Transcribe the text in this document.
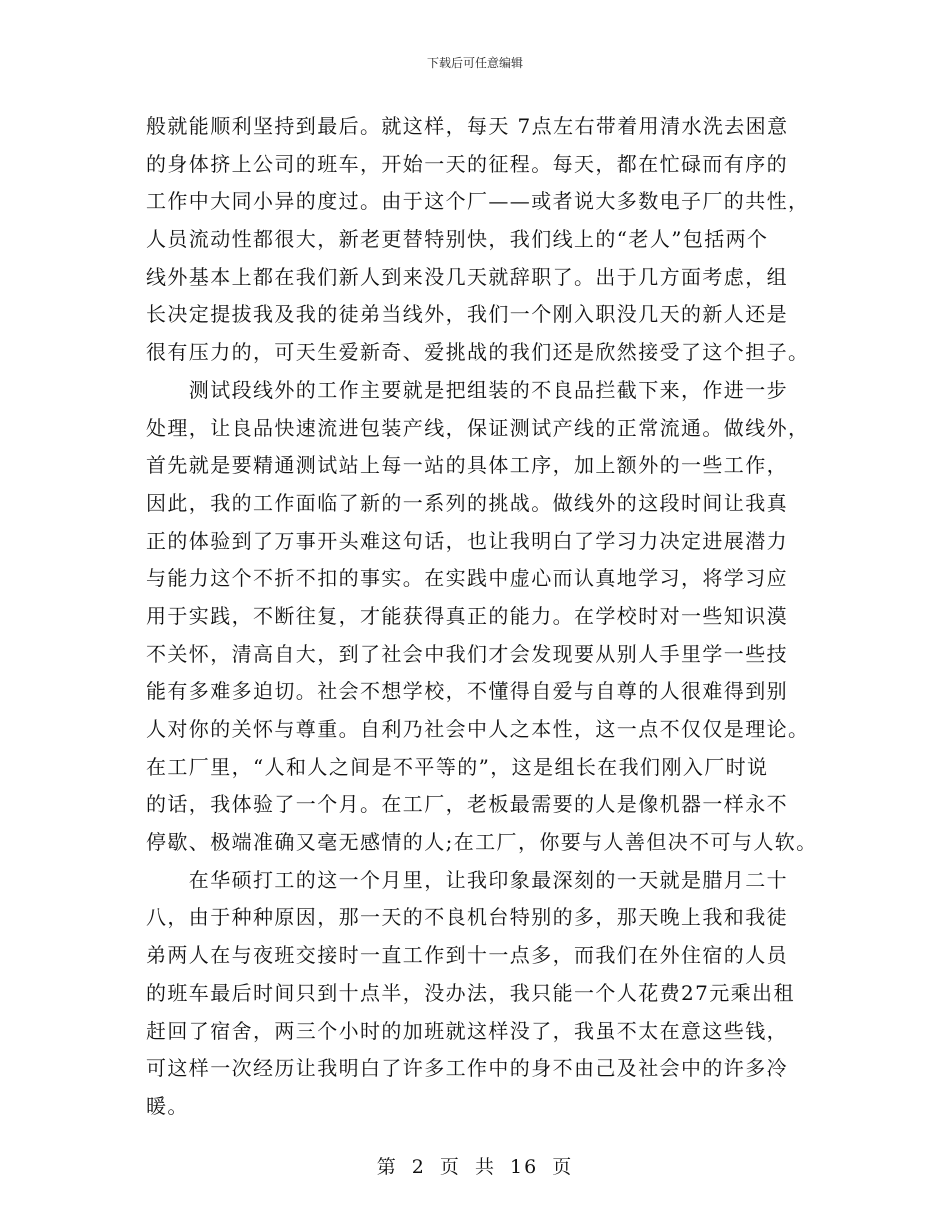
下载后可任意编辑
般就能顺利坚持到最后。就这样，每天 7点左右带着用清水洗去困意
的身体挤上公司的班车，开始一天的征程。每天，都在忙碌而有序的
工作中大同小异的度过。由于这个厂——或者说大多数电子厂的共性，
人员流动性都很大，新老更替特别快，我们线上的“老人”包括两个
线外基本上都在我们新人到来没几天就辞职了。出于几方面考虑，组
长决定提拔我及我的徒弟当线外，我们一个刚入职没几天的新人还是
很有压力的，可天生爱新奇、爱挑战的我们还是欣然接受了这个担子。
　　测试段线外的工作主要就是把组装的不良品拦截下来，作进一步
处理，让良品快速流进包装产线，保证测试产线的正常流通。做线外，
首先就是要精通测试站上每一站的具体工序，加上额外的一些工作，
因此，我的工作面临了新的一系列的挑战。做线外的这段时间让我真
正的体验到了万事开头难这句话，也让我明白了学习力决定进展潜力
与能力这个不折不扣的事实。在实践中虚心而认真地学习，将学习应
用于实践，不断往复，才能获得真正的能力。在学校时对一些知识漠
不关怀，清高自大，到了社会中我们才会发现要从别人手里学一些技
能有多难多迫切。社会不想学校，不懂得自爱与自尊的人很难得到别
人对你的关怀与尊重。自利乃社会中人之本性，这一点不仅仅是理论。
在工厂里，“人和人之间是不平等的”，这是组长在我们刚入厂时说
的话，我体验了一个月。在工厂，老板最需要的人是像机器一样永不
停歇、极端准确又毫无感情的人;在工厂，你要与人善但决不可与人软。
　　在华硕打工的这一个月里，让我印象最深刻的一天就是腊月二十
八，由于种种原因，那一天的不良机台特别的多，那天晚上我和我徒
弟两人在与夜班交接时一直工作到十一点多，而我们在外住宿的人员
的班车最后时间只到十点半，没办法，我只能一个人花费27元乘出租
赶回了宿舍，两三个小时的加班就这样没了，我虽不太在意这些钱，
可这样一次经历让我明白了许多工作中的身不由己及社会中的许多冷
暖。
第 2 页 共 16 页
